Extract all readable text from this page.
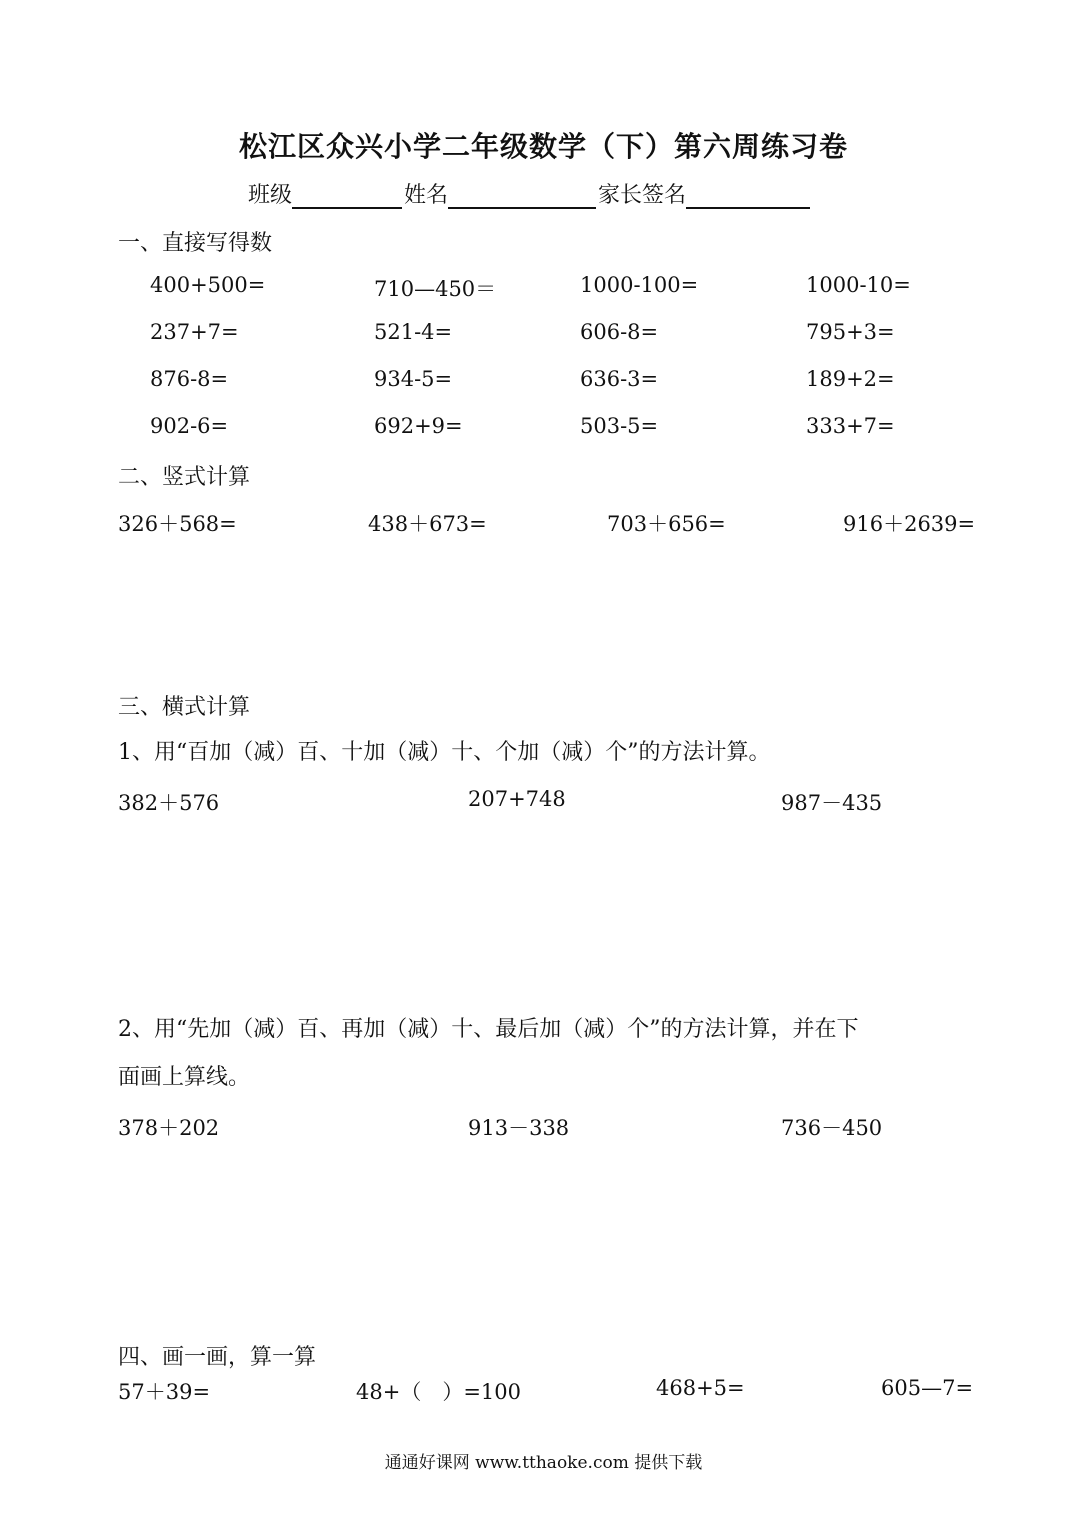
松江区众兴小学二年级数学（下）第六周练习卷
班级	姓名	家长签名
一、直接写得数
400+500=	710—450＝	1000-100=	1000-10=
237+7=	521-4=	606-8=	795+3=
876-8=	934-5=	636-3=	189+2=
902-6=	692+9=	503-5=	333+7=
二、竖式计算
326＋568=	438＋673=	703＋656=	916＋2639=
三、横式计算
1、用“百加（减）百、十加（减）十、个加（减）个”的方法计算。
382＋576	207+748	987－435
2、用“先加（减）百、再加（减）十、最后加（减）个”的方法计算，并在下
面画上算线。
378＋202	913－338	736－450
四、画一画，算一算
57＋39=	48+（　）=100	468+5=	605—7=
通通好课网 www.tthaoke.com 提供下载
